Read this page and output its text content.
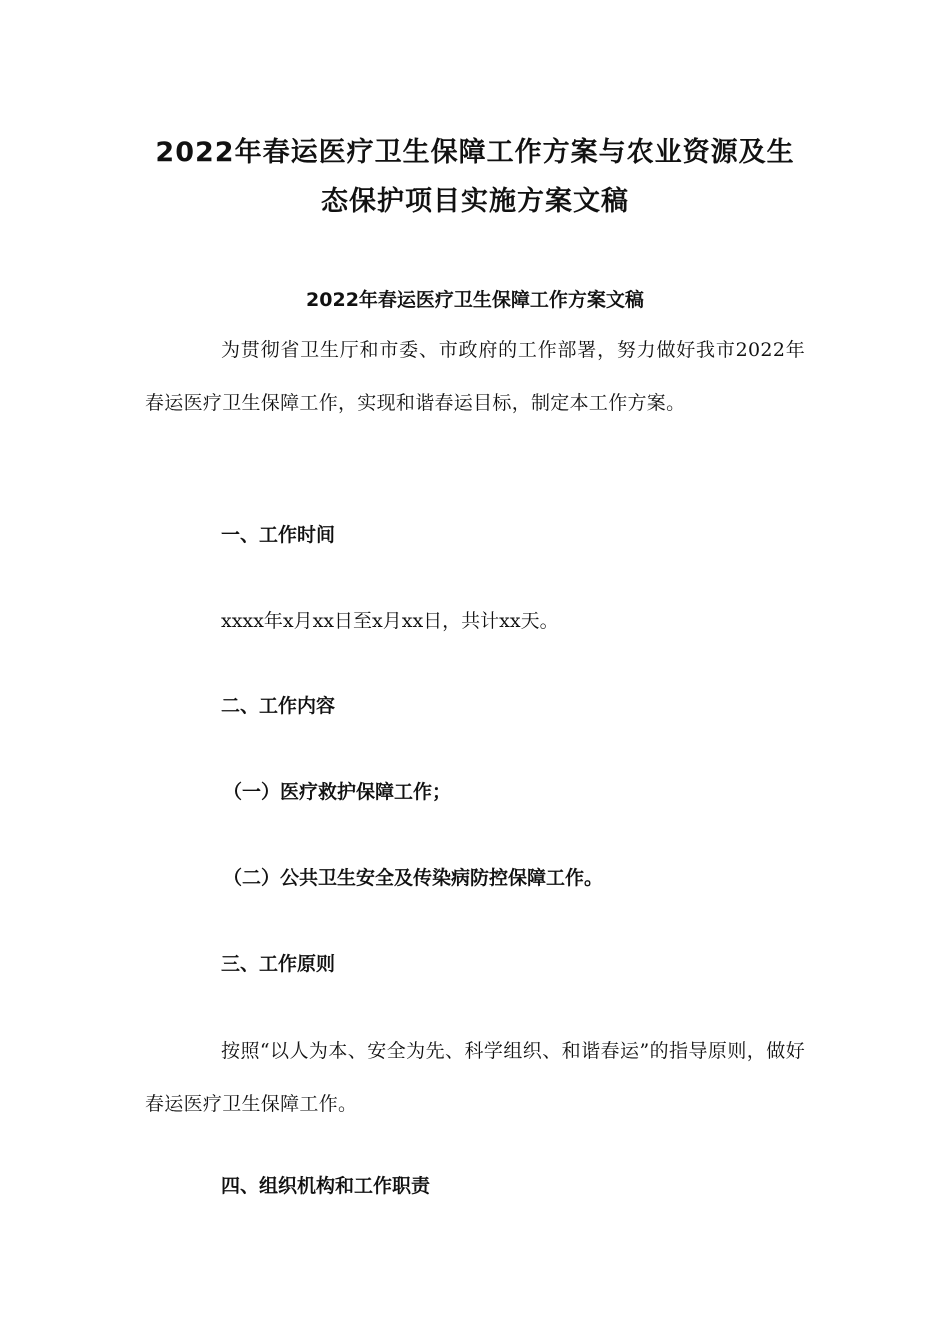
2022年春运医疗卫生保障工作方案与农业资源及生
态保护项目实施方案文稿
2022年春运医疗卫生保障工作方案文稿
为贯彻省卫生厅和市委、市政府的工作部署，努力做好我市2022年春运医疗卫生保障工作，实现和谐春运目标，制定本工作方案。
一、工作时间
xxxx年x月xx日至x月xx日，共计xx天。
二、工作内容
（一）医疗救护保障工作；
（二）公共卫生安全及传染病防控保障工作。
三、工作原则
按照“以人为本、安全为先、科学组织、和谐春运”的指导原则，做好春运医疗卫生保障工作。
四、组织机构和工作职责
